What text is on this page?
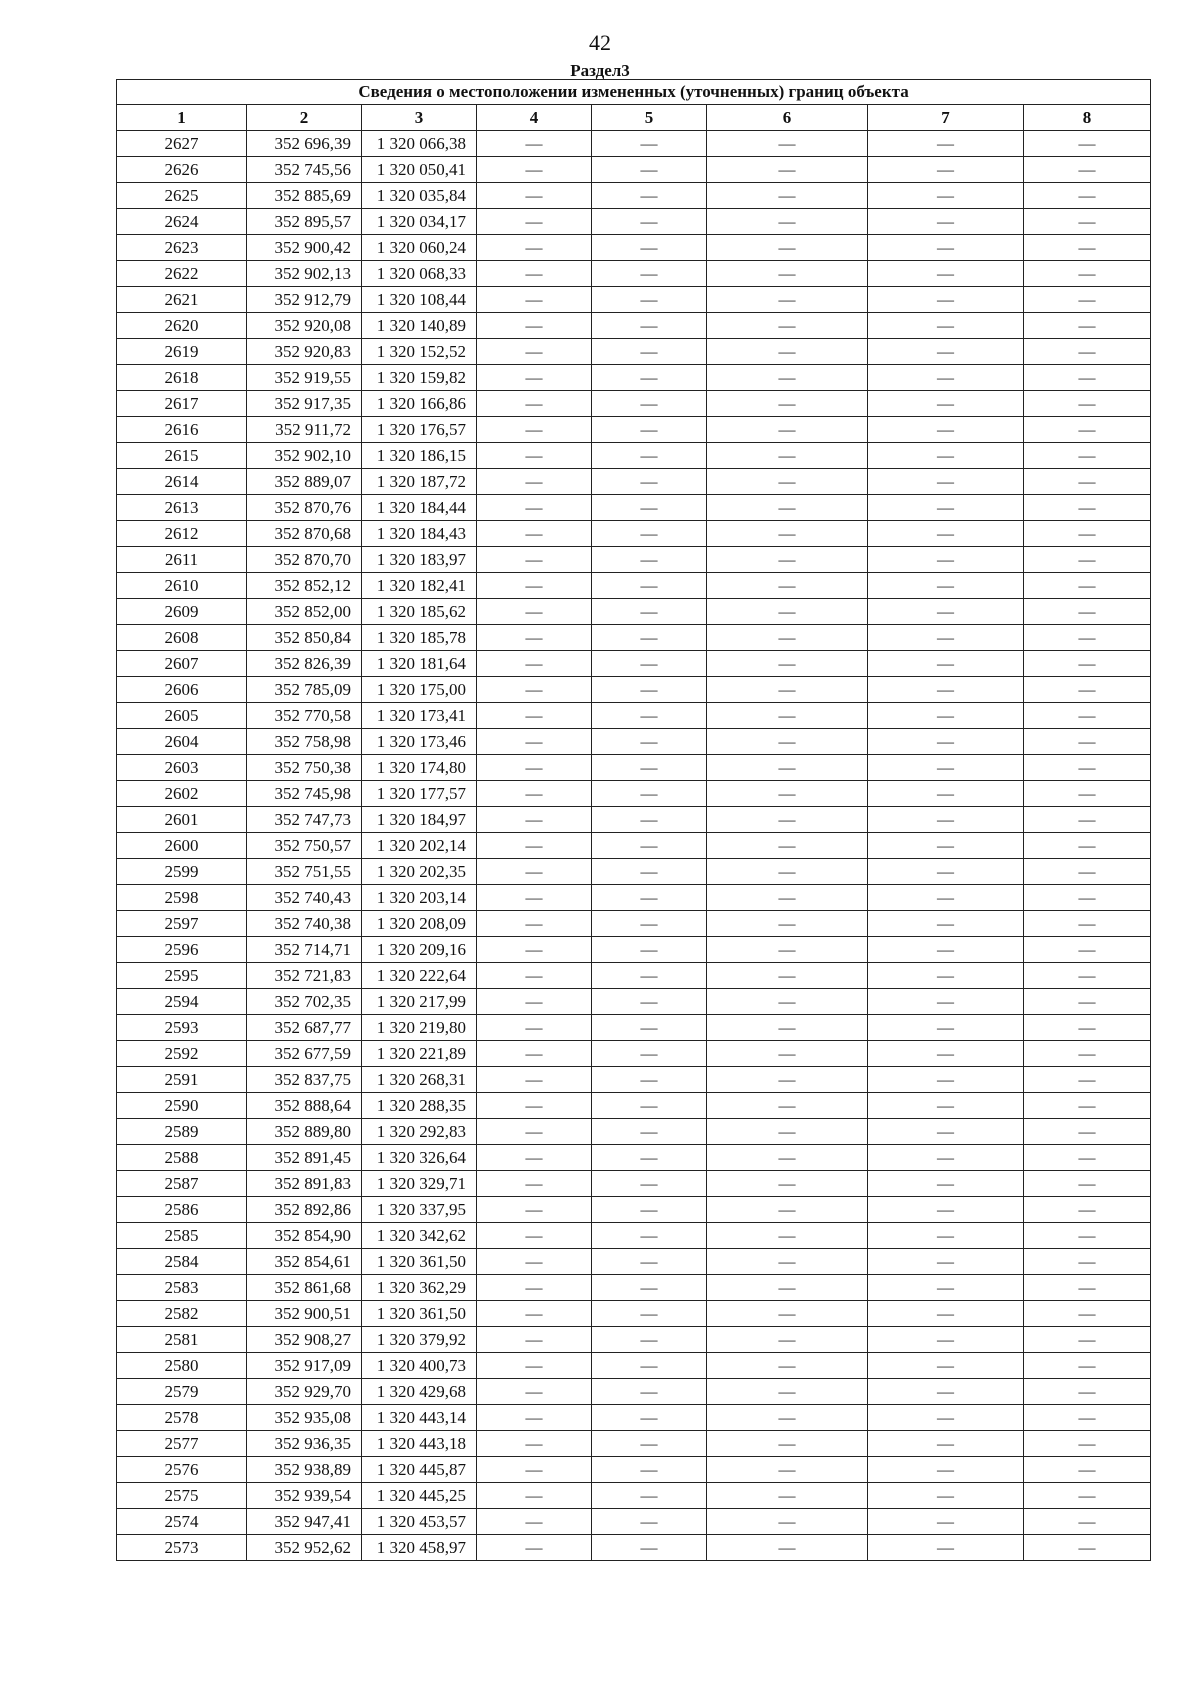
42
Раздел3
Сведения о местоположении измененных (уточненных) границ объекта							
1	2	3	4	5	6	7	8
2627	352 696,39	1 320 066,38	—	—	—	—	—
2626	352 745,56	1 320 050,41	—	—	—	—	—
2625	352 885,69	1 320 035,84	—	—	—	—	—
2624	352 895,57	1 320 034,17	—	—	—	—	—
2623	352 900,42	1 320 060,24	—	—	—	—	—
2622	352 902,13	1 320 068,33	—	—	—	—	—
2621	352 912,79	1 320 108,44	—	—	—	—	—
2620	352 920,08	1 320 140,89	—	—	—	—	—
2619	352 920,83	1 320 152,52	—	—	—	—	—
2618	352 919,55	1 320 159,82	—	—	—	—	—
2617	352 917,35	1 320 166,86	—	—	—	—	—
2616	352 911,72	1 320 176,57	—	—	—	—	—
2615	352 902,10	1 320 186,15	—	—	—	—	—
2614	352 889,07	1 320 187,72	—	—	—	—	—
2613	352 870,76	1 320 184,44	—	—	—	—	—
2612	352 870,68	1 320 184,43	—	—	—	—	—
2611	352 870,70	1 320 183,97	—	—	—	—	—
2610	352 852,12	1 320 182,41	—	—	—	—	—
2609	352 852,00	1 320 185,62	—	—	—	—	—
2608	352 850,84	1 320 185,78	—	—	—	—	—
2607	352 826,39	1 320 181,64	—	—	—	—	—
2606	352 785,09	1 320 175,00	—	—	—	—	—
2605	352 770,58	1 320 173,41	—	—	—	—	—
2604	352 758,98	1 320 173,46	—	—	—	—	—
2603	352 750,38	1 320 174,80	—	—	—	—	—
2602	352 745,98	1 320 177,57	—	—	—	—	—
2601	352 747,73	1 320 184,97	—	—	—	—	—
2600	352 750,57	1 320 202,14	—	—	—	—	—
2599	352 751,55	1 320 202,35	—	—	—	—	—
2598	352 740,43	1 320 203,14	—	—	—	—	—
2597	352 740,38	1 320 208,09	—	—	—	—	—
2596	352 714,71	1 320 209,16	—	—	—	—	—
2595	352 721,83	1 320 222,64	—	—	—	—	—
2594	352 702,35	1 320 217,99	—	—	—	—	—
2593	352 687,77	1 320 219,80	—	—	—	—	—
2592	352 677,59	1 320 221,89	—	—	—	—	—
2591	352 837,75	1 320 268,31	—	—	—	—	—
2590	352 888,64	1 320 288,35	—	—	—	—	—
2589	352 889,80	1 320 292,83	—	—	—	—	—
2588	352 891,45	1 320 326,64	—	—	—	—	—
2587	352 891,83	1 320 329,71	—	—	—	—	—
2586	352 892,86	1 320 337,95	—	—	—	—	—
2585	352 854,90	1 320 342,62	—	—	—	—	—
2584	352 854,61	1 320 361,50	—	—	—	—	—
2583	352 861,68	1 320 362,29	—	—	—	—	—
2582	352 900,51	1 320 361,50	—	—	—	—	—
2581	352 908,27	1 320 379,92	—	—	—	—	—
2580	352 917,09	1 320 400,73	—	—	—	—	—
2579	352 929,70	1 320 429,68	—	—	—	—	—
2578	352 935,08	1 320 443,14	—	—	—	—	—
2577	352 936,35	1 320 443,18	—	—	—	—	—
2576	352 938,89	1 320 445,87	—	—	—	—	—
2575	352 939,54	1 320 445,25	—	—	—	—	—
2574	352 947,41	1 320 453,57	—	—	—	—	—
2573	352 952,62	1 320 458,97	—	—	—	—	—
